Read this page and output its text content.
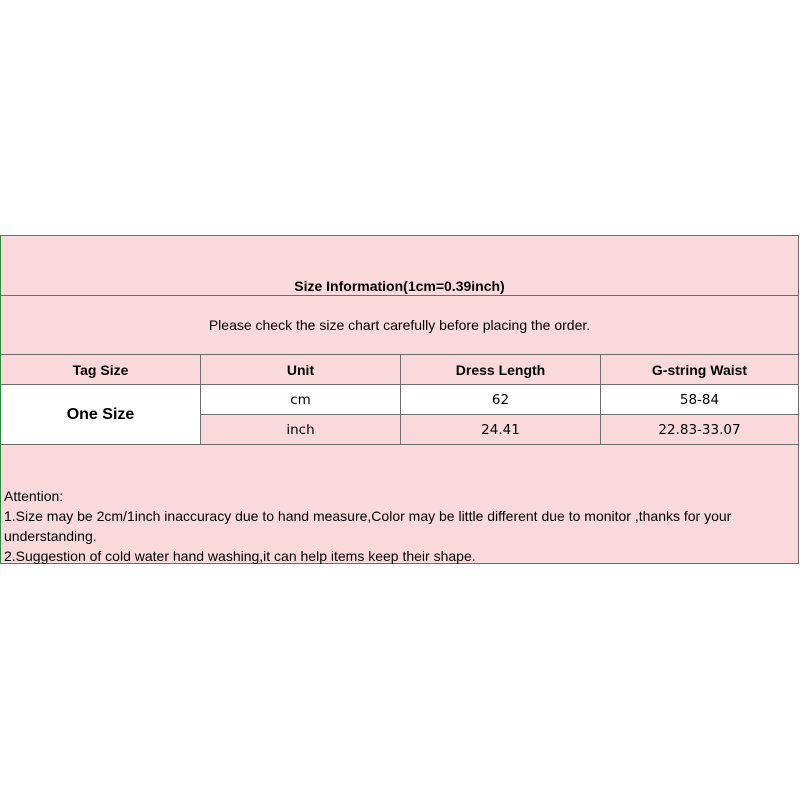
Size Information(1cm=0.39inch)
Please check the size chart carefully before placing the order.
Tag Size	Unit	Dress Length	G-string Waist
One Size
cm	62	58-84
inch	24.41	22.83-33.07
Attention:
1.Size may be 2cm/1inch inaccuracy due to hand measure,Color may be little different due to monitor ,thanks for your
understanding.
2.Suggestion of cold water hand washing,it can help items keep their shape.
